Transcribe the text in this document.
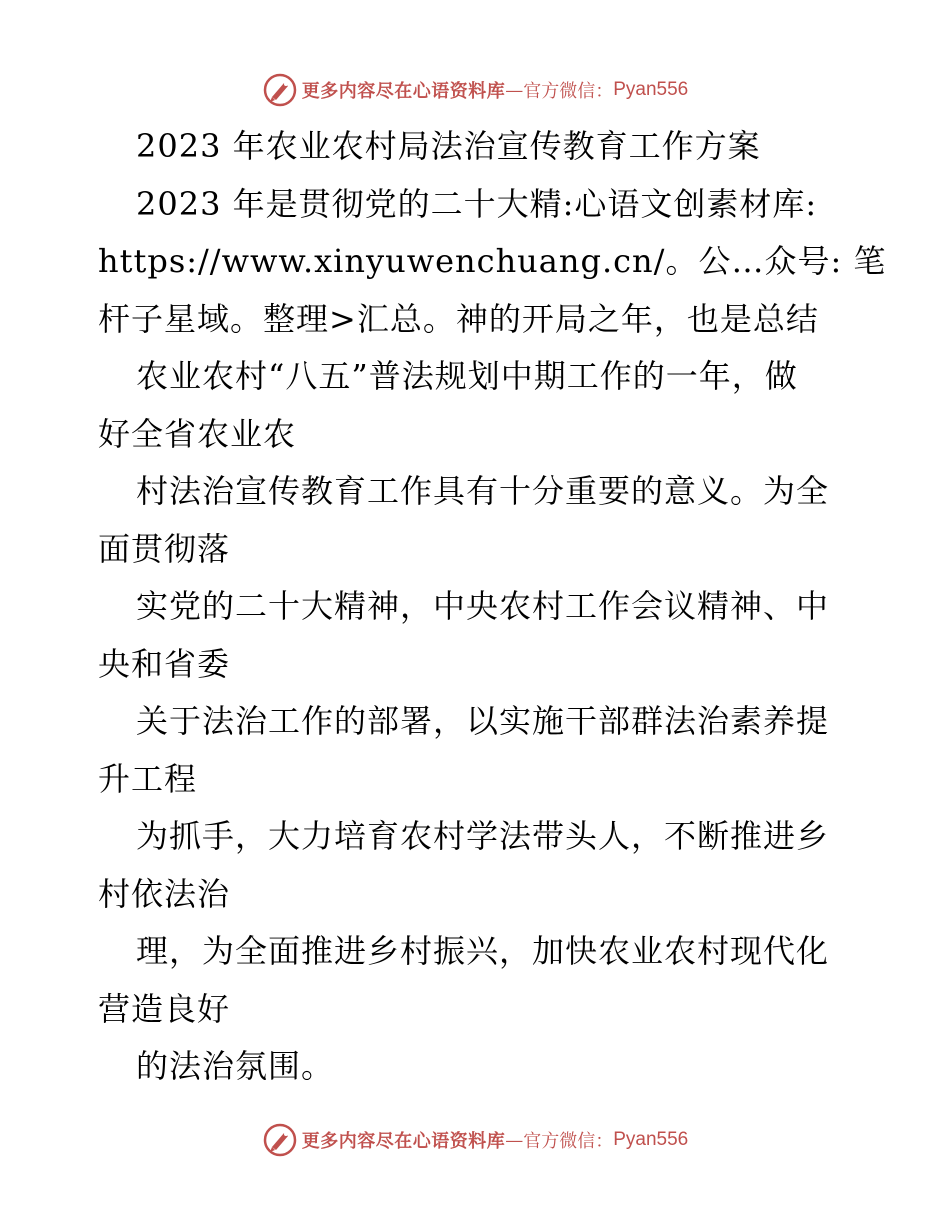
更多内容尽在心语资料库 — 官方微信： Pyan556
2023 年农业农村局法治宣传教育工作方案
2023 年是贯彻党的二十大精:心语文创素材库:
https://www.xinyuwenchuang.cn/。公…众号: 笔
杆子星域。整理>汇总。神的开局之年，也是总结
农业农村“八五”普法规划中期工作的一年，做
好全省农业农
村法治宣传教育工作具有十分重要的意义。为全
面贯彻落
实党的二十大精神，中央农村工作会议精神、中
央和省委
关于法治工作的部署，以实施干部群法治素养提
升工程
为抓手，大力培育农村学法带头人，不断推进乡
村依法治
理，为全面推进乡村振兴，加快农业农村现代化
营造良好
的法治氛围。
更多内容尽在心语资料库 — 官方微信： Pyan556
